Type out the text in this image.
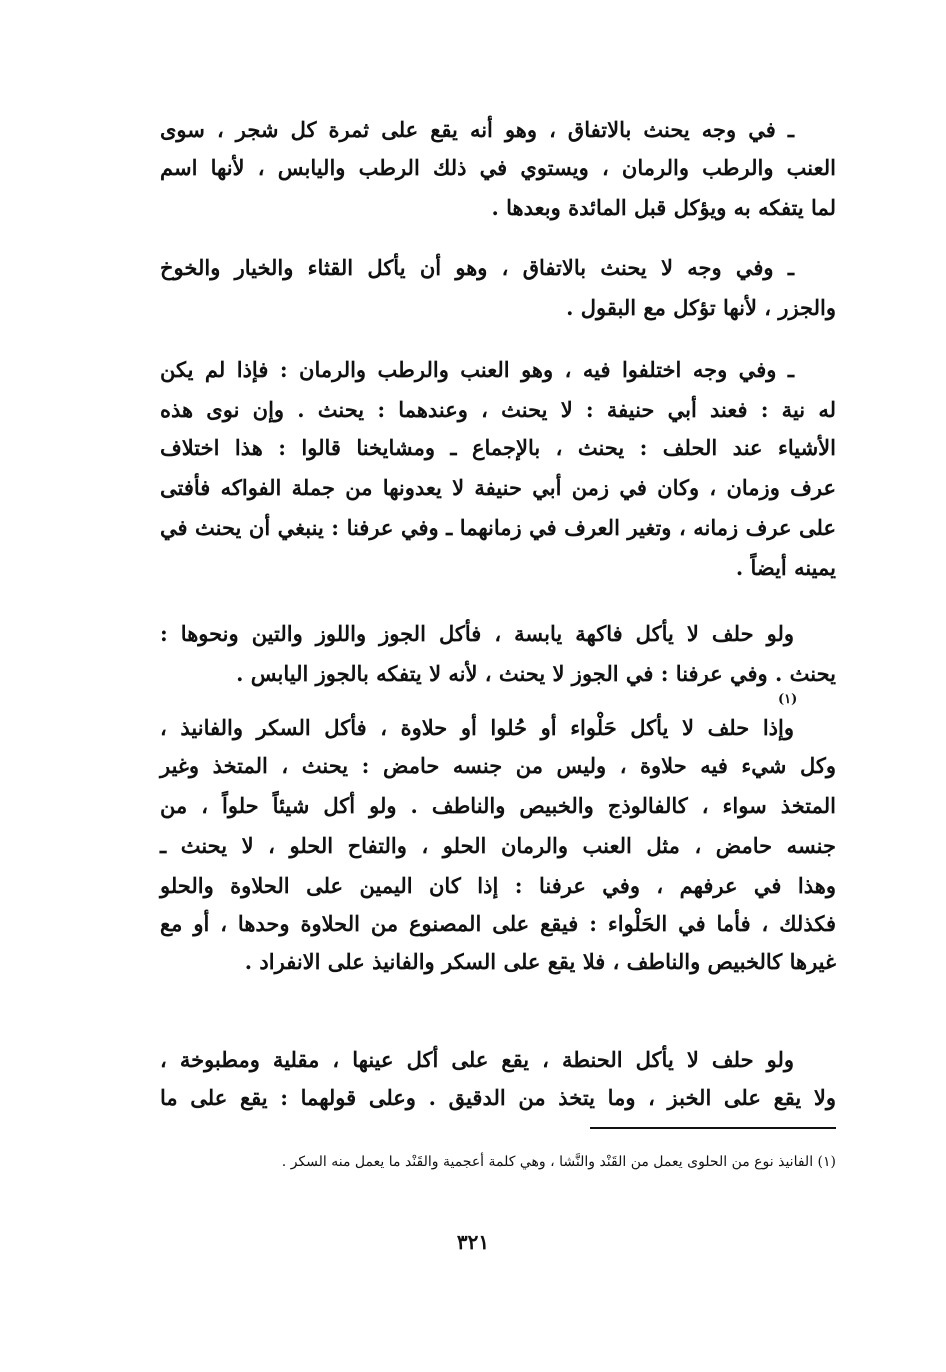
ـ في وجه يحنث بالاتفاق ، وهو أنه يقع على ثمرة كل شجر ، سوى
العنب والرطب والرمان ، ويستوي في ذلك الرطب واليابس ، لأنها اسم
لما يتفكه به ويؤكل قبل المائدة وبعدها .
ـ وفي وجه لا يحنث بالاتفاق ، وهو أن يأكل القثاء والخيار والخوخ
والجزر ، لأنها تؤكل مع البقول .
ـ وفي وجه اختلفوا فيه ، وهو العنب والرطب والرمان : فإذا لم يكن
له نية : فعند أبي حنيفة : لا يحنث ، وعندهما : يحنث . وإن نوى هذه
الأشياء عند الحلف : يحنث ، بالإجماع ـ ومشايخنا قالوا : هذا اختلاف
عرف وزمان ، وكان في زمن أبي حنيفة لا يعدونها من جملة الفواكه فأفتى
على عرف زمانه ، وتغير العرف في زمانهما ـ وفي عرفنا : ينبغي أن يحنث في
يمينه أيضاً .
ولو حلف لا يأكل فاكهة يابسة ، فأكل الجوز واللوز والتين ونحوها :
يحنث . وفي عرفنا : في الجوز لا يحنث ، لأنه لا يتفكه بالجوز اليابس .
(١)
وإذا حلف لا يأكل حَلْواء أو حُلوا أو حلاوة ، فأكل السكر والفانيذ ،
وكل شيء فيه حلاوة ، وليس من جنسه حامض : يحنث ، المتخذ وغير
المتخذ سواء ، كالفالوذج والخبيص والناطف . ولو أكل شيئاً حلواً ، من
جنسه حامض ، مثل العنب والرمان الحلو ، والتفاح الحلو ، لا يحنث ـ
وهذا في عرفهم ، وفي عرفنا : إذا كان اليمين على الحلاوة والحلو
فكذلك ، فأما في الحَلْواء : فيقع على المصنوع من الحلاوة وحدها ، أو مع
غيرها كالخبيص والناطف ، فلا يقع على السكر والفانيذ على الانفراد .
ولو حلف لا يأكل الحنطة ، يقع على أكل عينها ، مقلية ومطبوخة ،
ولا يقع على الخبز ، وما يتخذ من الدقيق . وعلى قولهما : يقع على ما
(١) الفانيذ نوع من الحلوى يعمل من القَنْد والنَّشا ، وهي كلمة أعجمية والقَنْد ما يعمل منه السكر .
٣٢١
